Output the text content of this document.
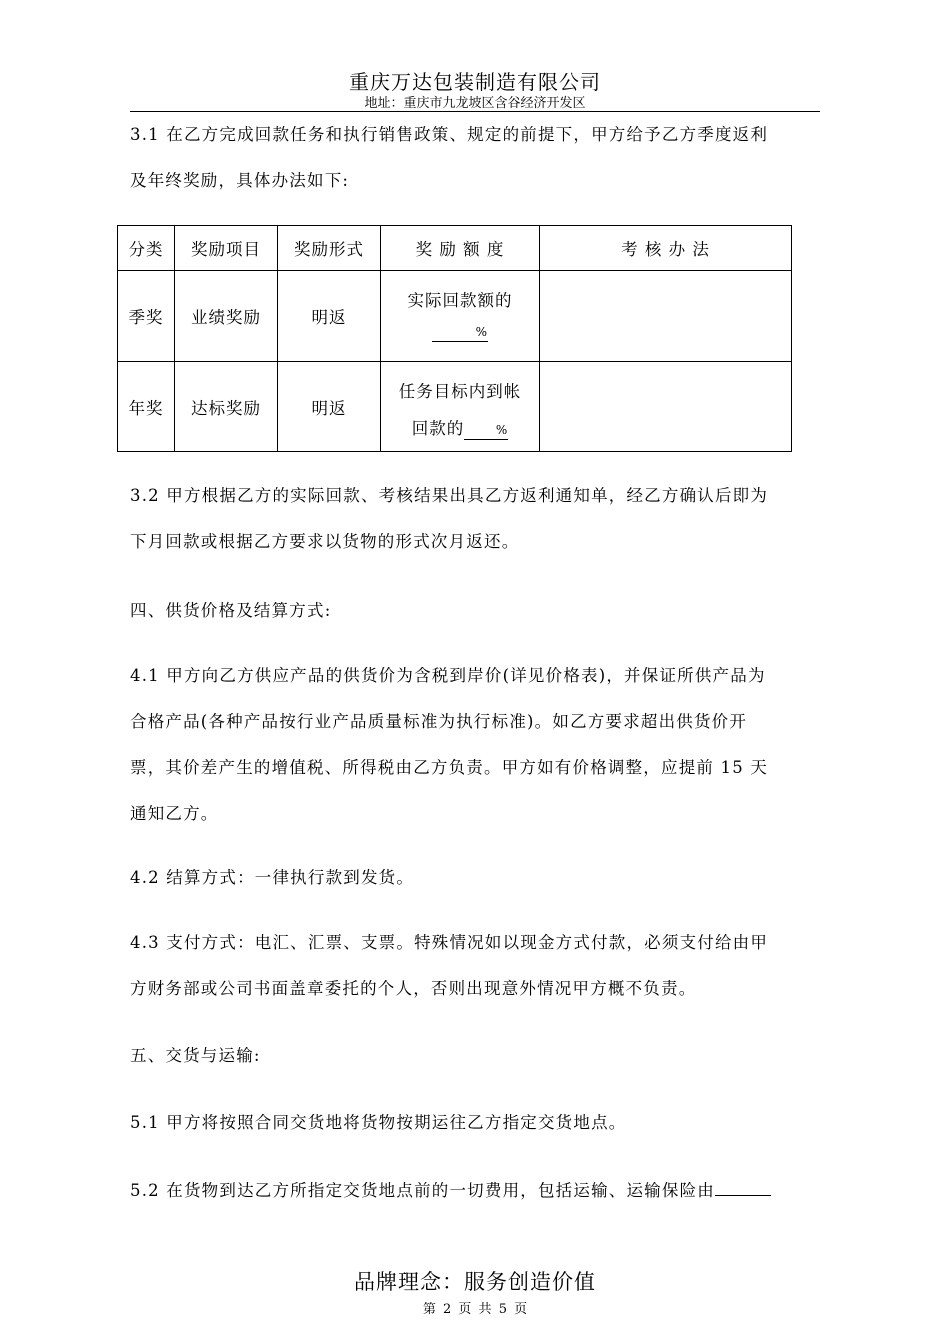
重庆万达包装制造有限公司
地址：重庆市九龙坡区含谷经济开发区
3.1 在乙方完成回款任务和执行销售政策、规定的前提下，甲方给予乙方季度返利
及年终奖励，具体办法如下:
分类	奖励项目	奖励形式	奖 励 额 度	考 核 办 法
季奖	业绩奖励	明返	实际回款额的
%	

年奖	达标奖励	明返	任务目标内到帐
回款的 %	

3.2 甲方根据乙方的实际回款、考核结果出具乙方返利通知单，经乙方确认后即为
下月回款或根据乙方要求以货物的形式次月返还。
四、供货价格及结算方式:
4.1 甲方向乙方供应产品的供货价为含税到岸价(详见价格表)，并保证所供产品为
合格产品(各种产品按行业产品质量标准为执行标准)。如乙方要求超出供货价开
票，其价差产生的增值税、所得税由乙方负责。甲方如有价格调整，应提前 15 天
通知乙方。
4.2 结算方式：一律执行款到发货。
4.3 支付方式：电汇、汇票、支票。特殊情况如以现金方式付款，必须支付给由甲
方财务部或公司书面盖章委托的个人，否则出现意外情况甲方概不负责。
五、交货与运输:
5.1 甲方将按照合同交货地将货物按期运往乙方指定交货地点。
5.2 在货物到达乙方所指定交货地点前的一切费用，包括运输、运输保险由
品牌理念：服务创造价值
第 2 页 共 5 页
